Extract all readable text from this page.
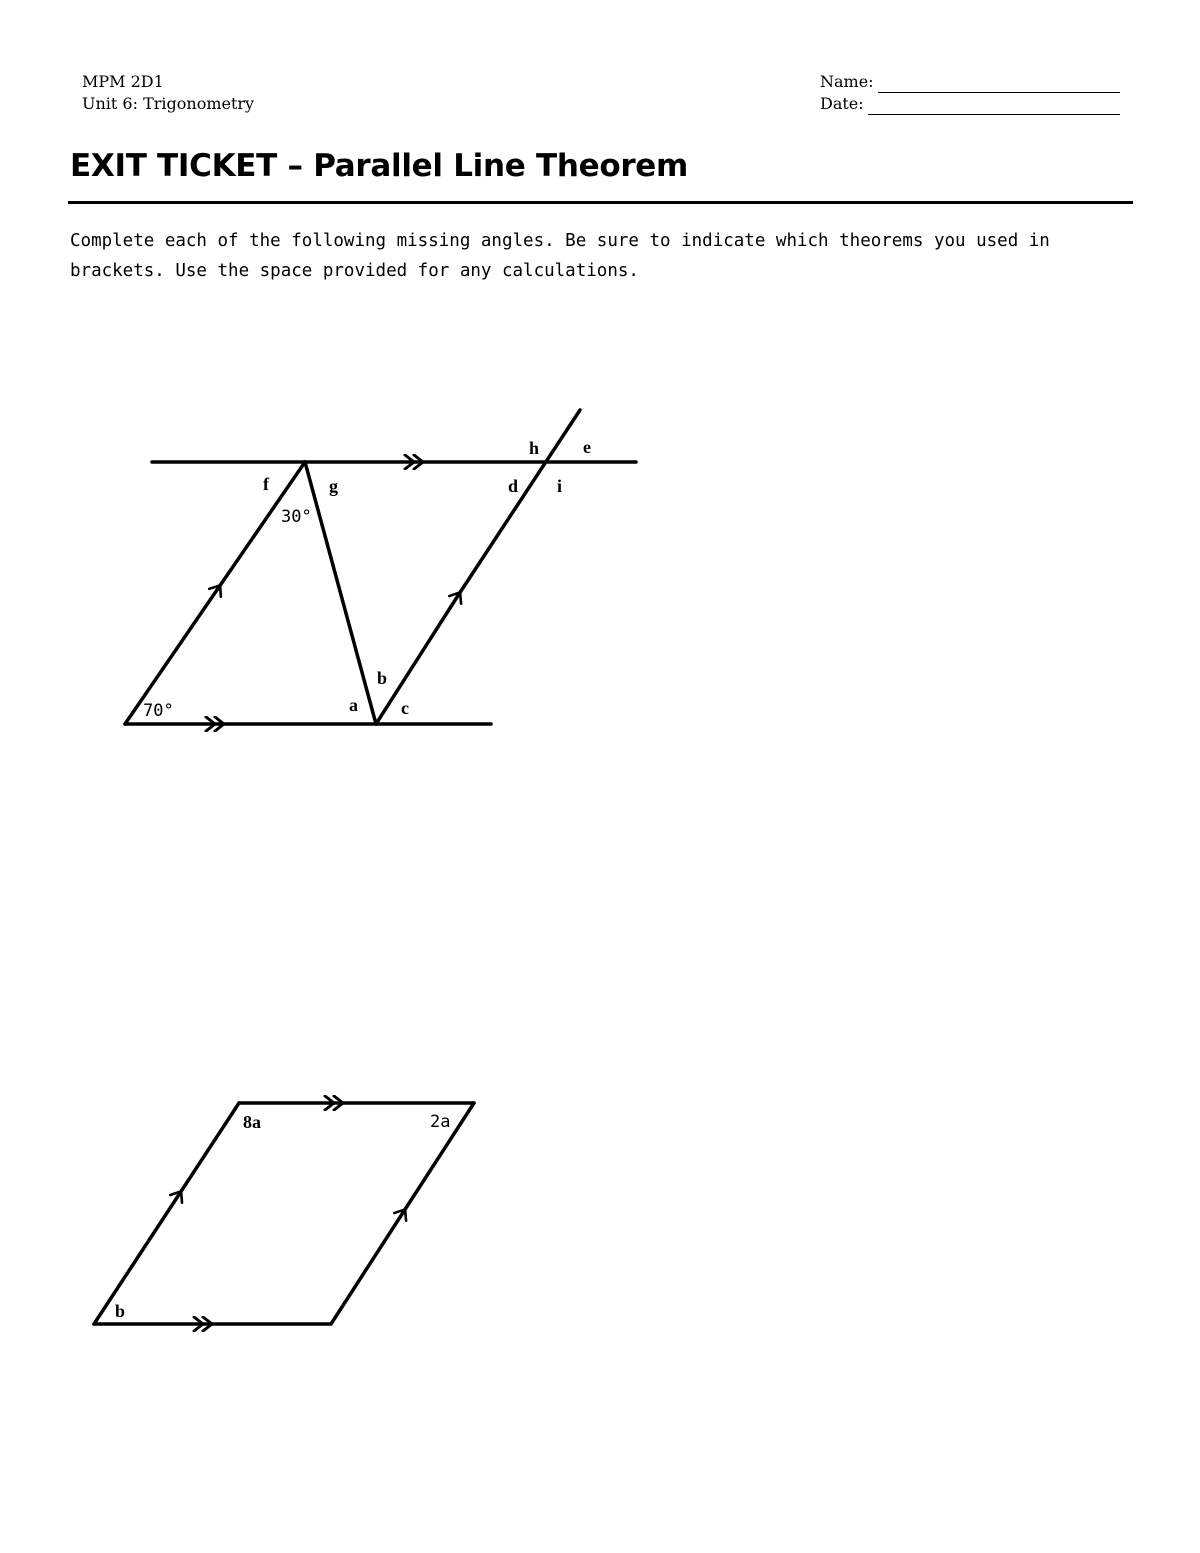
MPM 2D1
Unit 6: Trigonometry
Name:
Date:
EXIT TICKET – Parallel Line Theorem

Complete each of the following missing angles. Be sure to indicate which theorems you used in brackets. Use the space provided for any calculations.

h e
d i
f	g
30°
70°	a
b
c
8a	2a
b
